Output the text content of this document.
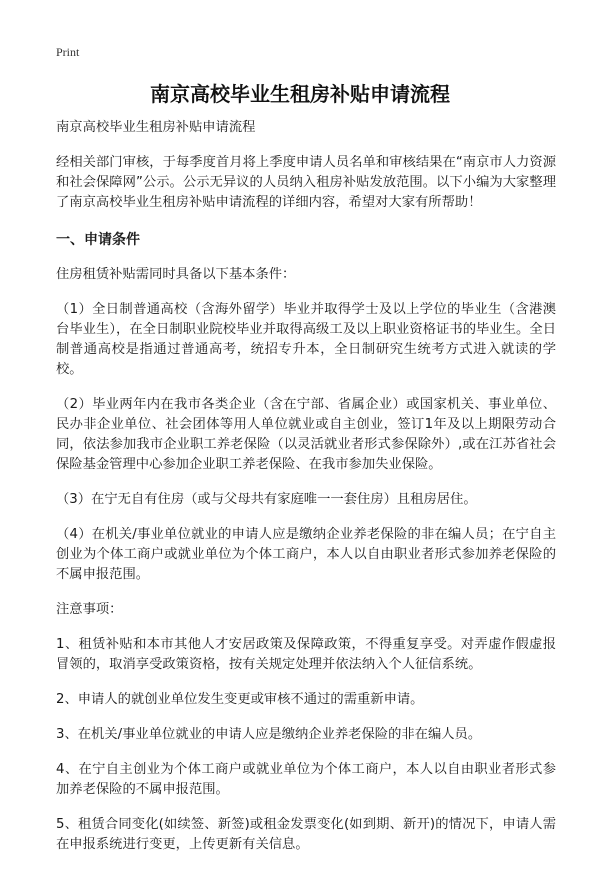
Print
南京高校毕业生租房补贴申请流程

南京高校毕业生租房补贴申请流程

经相关部门审核，于每季度首月将上季度申请人员名单和审核结果在“南京市人力资源和社会保障网”公示。公示无异议的人员纳入租房补贴发放范围。以下小编为大家整理了南京高校毕业生租房补贴申请流程的详细内容，希望对大家有所帮助！

一、申请条件

住房租赁补贴需同时具备以下基本条件：

（1）全日制普通高校（含海外留学）毕业并取得学士及以上学位的毕业生（含港澳台毕业生），在全日制职业院校毕业并取得高级工及以上职业资格证书的毕业生。全日制普通高校是指通过普通高考，统招专升本，全日制研究生统考方式进入就读的学校。

（2）毕业两年内在我市各类企业（含在宁部、省属企业）或国家机关、事业单位、民办非企业单位、社会团体等用人单位就业或自主创业，签订1年及以上期限劳动合同，依法参加我市企业职工养老保险（以灵活就业者形式参保除外）,或在江苏省社会保险基金管理中心参加企业职工养老保险、在我市参加失业保险。

（3）在宁无自有住房（或与父母共有家庭唯一一套住房）且租房居住。

（4）在机关/事业单位就业的申请人应是缴纳企业养老保险的非在编人员；在宁自主创业为个体工商户或就业单位为个体工商户，本人以自由职业者形式参加养老保险的不属申报范围。

注意事项：

1、租赁补贴和本市其他人才安居政策及保障政策，不得重复享受。对弄虚作假虚报冒领的，取消享受政策资格，按有关规定处理并依法纳入个人征信系统。

2、申请人的就创业单位发生变更或审核不通过的需重新申请。

3、在机关/事业单位就业的申请人应是缴纳企业养老保险的非在编人员。

4、在宁自主创业为个体工商户或就业单位为个体工商户，本人以自由职业者形式参加养老保险的不属申报范围。

5、租赁合同变化(如续签、新签)或租金发票变化(如到期、新开)的情况下，申请人需在申报系统进行变更，上传更新有关信息。
